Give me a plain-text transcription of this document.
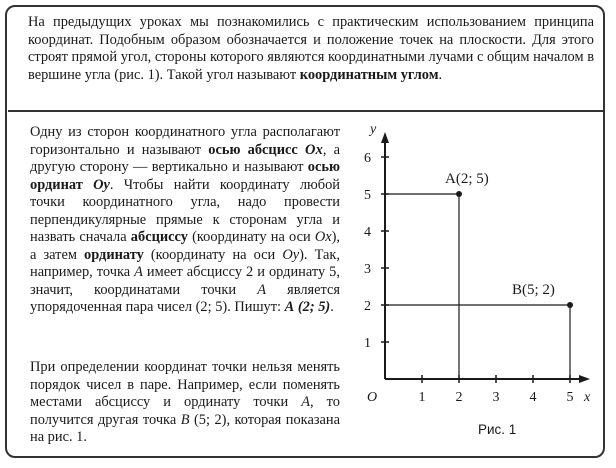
На предыдущих уроках мы познакомились с практическим использованием принципа координат. Подобным образом обозначается и положение точек на плоскости. Для этого строят прямой угол, стороны которого являются координатными лучами с общим началом в вершине угла (рис. 1). Такой угол называют координатным углом.

Одну из сторон координатного угла располагают горизонтально и называют осью абсцисс Ох, а другую сторону — вертикально и называют осью ординат Оу. Чтобы найти координату любой точки координатного угла, надо провести перпендикулярные прямые к сторонам угла и назвать сначала абсциссу (координату на оси Ох), а затем ординату (координату на оси Оу). Так, например, точка А имеет абсциссу 2 и ординату 5, значит, координатами точки А является упорядоченная пара чисел (2; 5). Пишут: А (2; 5).

При определении координат точки нельзя менять порядок чисел в паре. Например, если поменять местами абсциссу и ординату точки А, то получится другая точка В (5; 2), которая показана на рис. 1.

x
y
O	1 2 3 4 5
1
2
3
4
5
6
A(2; 5)
B(5; 2)
Рис. 1
